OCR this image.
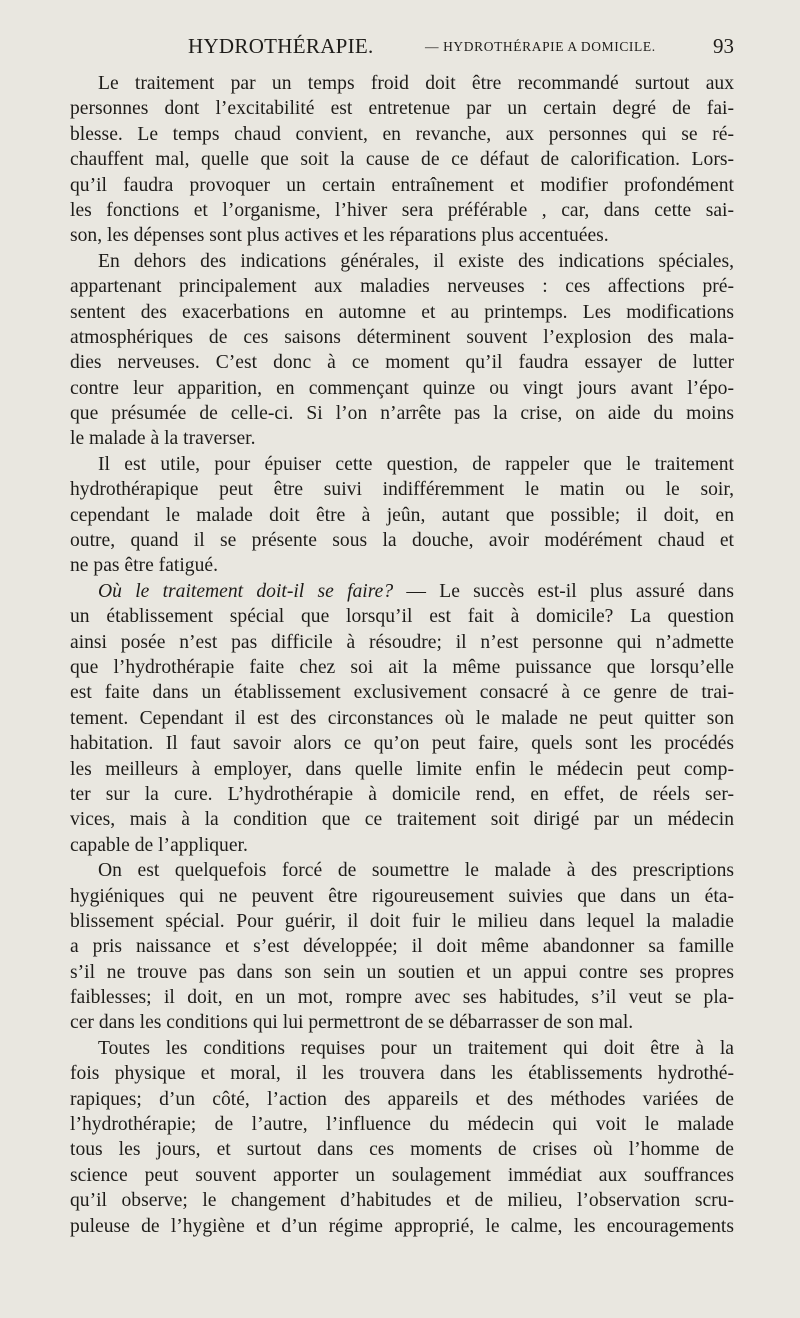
HYDROTHÉRAPIE.	— HYDROTHÉRAPIE A DOMICILE.	93
Le traitement par un temps froid doit être recommandé surtout aux
personnes dont l’excitabilité est entretenue par un certain degré de fai-
blesse. Le temps chaud convient, en revanche, aux personnes qui se ré-
chauffent mal, quelle que soit la cause de ce défaut de calorification. Lors-
qu’il faudra provoquer un certain entraînement et modifier profondément
les fonctions et l’organisme, l’hiver sera préférable , car, dans cette sai-
son, les dépenses sont plus actives et les réparations plus accentuées.
En dehors des indications générales, il existe des indications spéciales,
appartenant principalement aux maladies nerveuses : ces affections pré-
sentent des exacerbations en automne et au printemps. Les modifications
atmosphériques de ces saisons déterminent souvent l’explosion des mala-
dies nerveuses. C’est donc à ce moment qu’il faudra essayer de lutter
contre leur apparition, en commençant quinze ou vingt jours avant l’épo-
que présumée de celle-ci. Si l’on n’arrête pas la crise, on aide du moins
le malade à la traverser.
Il est utile, pour épuiser cette question, de rappeler que le traitement
hydrothérapique peut être suivi indifféremment le matin ou le soir,
cependant le malade doit être à jeûn, autant que possible; il doit, en
outre, quand il se présente sous la douche, avoir modérément chaud et
ne pas être fatigué.
Où le traitement doit-il se faire? — Le succès est-il plus assuré dans
un établissement spécial que lorsqu’il est fait à domicile? La question
ainsi posée n’est pas difficile à résoudre; il n’est personne qui n’admette
que l’hydrothérapie faite chez soi ait la même puissance que lorsqu’elle
est faite dans un établissement exclusivement consacré à ce genre de trai-
tement. Cependant il est des circonstances où le malade ne peut quitter son
habitation. Il faut savoir alors ce qu’on peut faire, quels sont les procédés
les meilleurs à employer, dans quelle limite enfin le médecin peut comp-
ter sur la cure. L’hydrothérapie à domicile rend, en effet, de réels ser-
vices, mais à la condition que ce traitement soit dirigé par un médecin
capable de l’appliquer.
On est quelquefois forcé de soumettre le malade à des prescriptions
hygiéniques qui ne peuvent être rigoureusement suivies que dans un éta-
blissement spécial. Pour guérir, il doit fuir le milieu dans lequel la maladie
a pris naissance et s’est développée; il doit même abandonner sa famille
s’il ne trouve pas dans son sein un soutien et un appui contre ses propres
faiblesses; il doit, en un mot, rompre avec ses habitudes, s’il veut se pla-
cer dans les conditions qui lui permettront de se débarrasser de son mal.
Toutes les conditions requises pour un traitement qui doit être à la
fois physique et moral, il les trouvera dans les établissements hydrothé-
rapiques; d’un côté, l’action des appareils et des méthodes variées de
l’hydrothérapie; de l’autre, l’influence du médecin qui voit le malade
tous les jours, et surtout dans ces moments de crises où l’homme de
science peut souvent apporter un soulagement immédiat aux souffrances
qu’il observe; le changement d’habitudes et de milieu, l’observation scru-
puleuse de l’hygiène et d’un régime approprié, le calme, les encouragements
